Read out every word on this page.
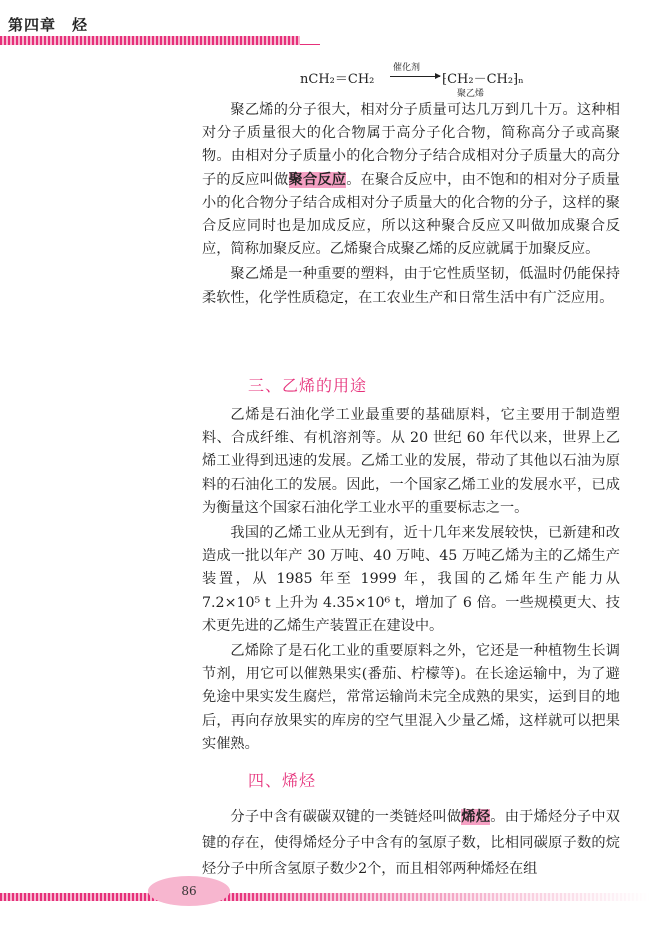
第四章　烃
nCH₂＝CH₂
催化剂
→ ⁅CH₂－CH₂⁆ₙ
聚乙烯

聚乙烯的分子很大，相对分子质量可达几万到几十万。这种相对分子质量很大的化合物属于高分子化合物，简称高分子或高聚物。由相对分子质量小的化合物分子结合成相对分子质量大的高分子的反应叫做聚合反应。在聚合反应中，由不饱和的相对分子质量小的化合物分子结合成相对分子质量大的化合物的分子，这样的聚合反应同时也是加成反应，所以这种聚合反应又叫做加成聚合反应，简称加聚反应。乙烯聚合成聚乙烯的反应就属于加聚反应。

聚乙烯是一种重要的塑料，由于它性质坚韧，低温时仍能保持柔软性，化学性质稳定，在工农业生产和日常生活中有广泛应用。

三、乙烯的用途

乙烯是石油化学工业最重要的基础原料，它主要用于制造塑料、合成纤维、有机溶剂等。从 20 世纪 60 年代以来，世界上乙烯工业得到迅速的发展。乙烯工业的发展，带动了其他以石油为原料的石油化工的发展。因此，一个国家乙烯工业的发展水平，已成为衡量这个国家石油化学工业水平的重要标志之一。

我国的乙烯工业从无到有，近十几年来发展较快，已新建和改造成一批以年产 30 万吨、40 万吨、45 万吨乙烯为主的乙烯生产装置，从 1985 年至 1999 年，我国的乙烯年生产能力从 7.2×10⁵ t 上升为 4.35×10⁶ t，增加了 6 倍。一些规模更大、技术更先进的乙烯生产装置正在建设中。

乙烯除了是石化工业的重要原料之外，它还是一种植物生长调节剂，用它可以催熟果实(番茄、柠檬等)。在长途运输中，为了避免途中果实发生腐烂，常常运输尚未完全成熟的果实，运到目的地后，再向存放果实的库房的空气里混入少量乙烯，这样就可以把果实催熟。

四、烯烃

分子中含有碳碳双键的一类链烃叫做烯烃。由于烯烃分子中双键的存在，使得烯烃分子中含有的氢原子数，比相同碳原子数的烷烃分子中所含氢原子数少2个，而且相邻两种烯烃在组

86
